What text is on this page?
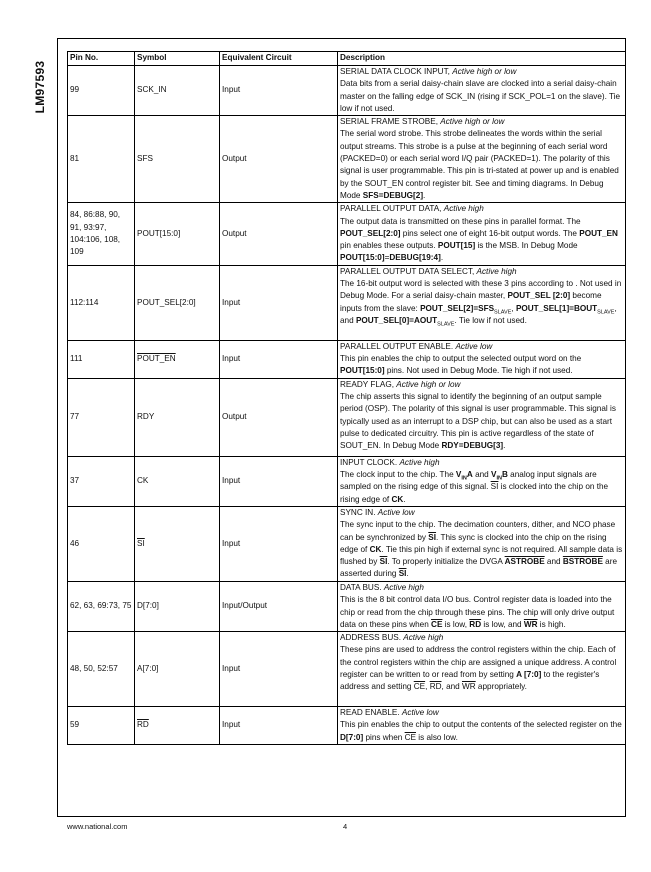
LM97593
Pin No.	Symbol	Equivalent Circuit	Description
99	SCK_IN	Input	SERIAL DATA CLOCK INPUT, Active high or low
Data bits from a serial daisy-chain slave are clocked into a serial daisy-chain master on the falling edge of SCK_IN (rising if SCK_POL=1 on the slave). Tie low if not used.
81	SFS	Output	SERIAL FRAME STROBE, Active high or low
The serial word strobe. This strobe delineates the words within the serial output streams. This strobe is a pulse at the beginning of each serial word (PACKED=0) or each serial word I/Q pair (PACKED=1). The polarity of this signal is user programmable. This pin is tri-stated at power up and is enabled by the SOUT_EN control register bit. See and timing diagrams. In Debug Mode SFS=DEBUG[2].
84, 86:88, 90, 91, 93:97, 104:106, 108, 109	POUT[15:0]	Output	PARALLEL OUTPUT DATA, Active high
The output data is transmitted on these pins in parallel format. The POUT_SEL[2:0] pins select one of eight 16-bit output words. The POUT_EN pin enables these outputs. POUT[15] is the MSB. In Debug Mode POUT[15:0]=DEBUG[19:4].
112:114	POUT_SEL[2:0]	Input	PARALLEL OUTPUT DATA SELECT, Active high
The 16-bit output word is selected with these 3 pins according to . Not used in Debug Mode. For a serial daisy-chain master, POUT_SEL [2:0] become inputs from the slave: $POUT\_SEL[2]=SFS_{SLAVE}$, $POUT\_SEL[1]=BOUT_{SLAVE}$, and $POUT\_SEL[0]=AOUT_{SLAVE}$. Tie low if not used.
111	POUT_EN	Input	PARALLEL OUTPUT ENABLE. Active low
This pin enables the chip to output the selected output word on the POUT[15:0] pins. Not used in Debug Mode. Tie high if not used.
77	RDY	Output	READY FLAG, Active high or low
The chip asserts this signal to identify the beginning of an output sample period (OSP). The polarity of this signal is user programmable. This signal is typically used as an interrupt to a DSP chip, but can also be used as a start pulse to dedicated circuitry. This pin is active regardless of the state of SOUT_EN. In Debug Mode RDY=DEBUG[3].
37	CK	Input	INPUT CLOCK. Active high
The clock input to the chip. The $V_{IN}A$ and $V_{IN}B$ analog input signals are sampled on the rising edge of this signal. $\overline{SI}$ is clocked into the chip on the rising edge of CK.
46	$\overline{SI}$	Input	SYNC IN. Active low
The sync input to the chip. The decimation counters, dither, and NCO phase can be synchronized by $\overline{SI}$. This sync is clocked into the chip on the rising edge of CK. Tie this pin high if external sync is not required. All sample data is flushed by $\overline{SI}$. To properly initialize the DVGA ASTROBE and BSTROBE are asserted during $\overline{SI}$.
62, 63, 69:73, 75	D[7:0]	Input/Output	DATA BUS. Active high
This is the 8 bit control data I/O bus. Control register data is loaded into the chip or read from the chip through these pins. The chip will only drive output data on these pins when $\overline{CE}$ is low, $\overline{RD}$ is low, and $\overline{WR}$ is high.
48, 50, 52:57	A[7:0]	Input	ADDRESS BUS. Active high
These pins are used to address the control registers within the chip. Each of the control registers within the chip are assigned a unique address. A control register can be written to or read from by setting A [7:0] to the register's address and setting $\overline{CE}$, $\overline{RD}$, and $\overline{WR}$ appropriately.
59	$\overline{RD}$	Input	READ ENABLE. Active low
This pin enables the chip to output the contents of the selected register on the D[7:0] pins when $\overline{CE}$ is also low.
www.national.com	4
